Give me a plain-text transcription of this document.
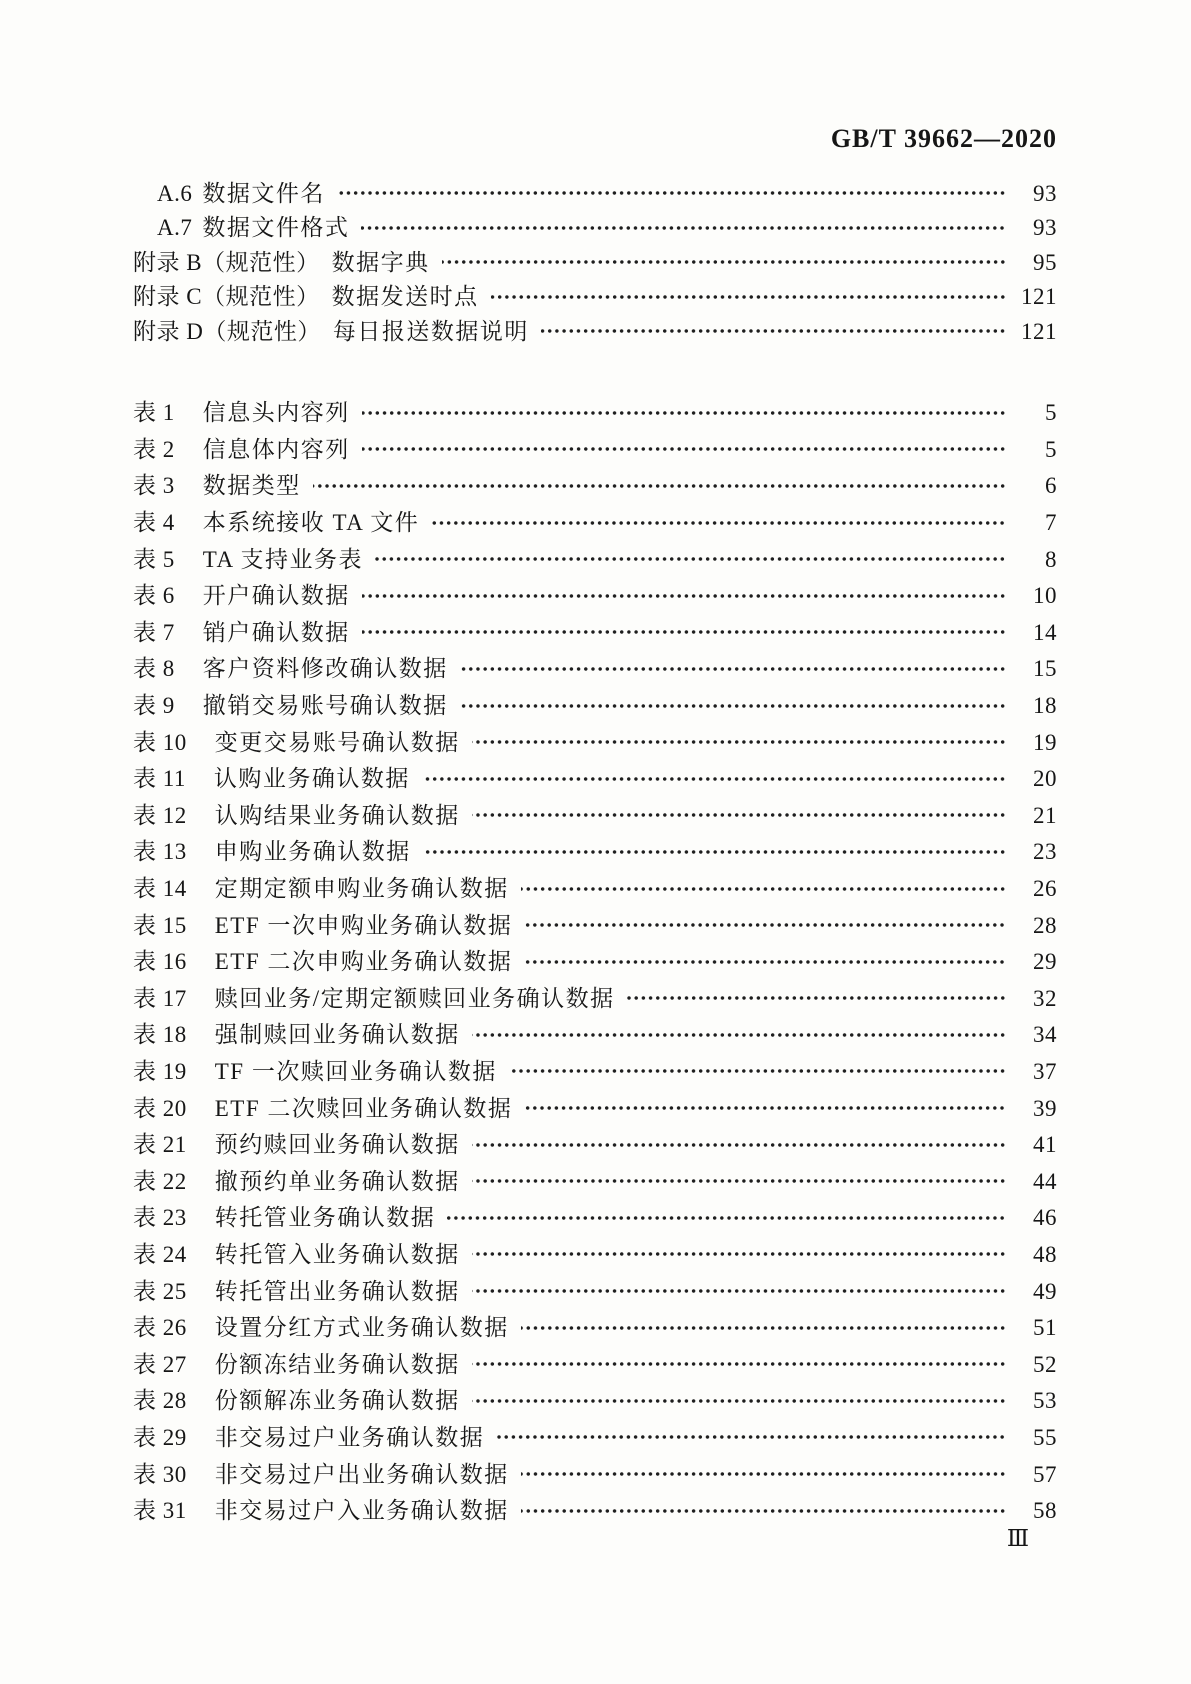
GB/T 39662—2020
A.6 数据文件名	93
A.7 数据文件格式	93
附录 B（规范性） 数据字典	95
附录 C（规范性） 数据发送时点	121
附录 D（规范性） 每日报送数据说明	121
表 1 信息头内容列	5
表 2 信息体内容列	5
表 3 数据类型	6
表 4 本系统接收 TA 文件	7
表 5 TA 支持业务表	8
表 6 开户确认数据	10
表 7 销户确认数据	14
表 8 客户资料修改确认数据	15
表 9 撤销交易账号确认数据	18
表 10 变更交易账号确认数据	19
表 11 认购业务确认数据	20
表 12 认购结果业务确认数据	21
表 13 申购业务确认数据	23
表 14 定期定额申购业务确认数据	26
表 15 ETF 一次申购业务确认数据	28
表 16 ETF 二次申购业务确认数据	29
表 17 赎回业务/定期定额赎回业务确认数据	32
表 18 强制赎回业务确认数据	34
表 19 TF 一次赎回业务确认数据	37
表 20 ETF 二次赎回业务确认数据	39
表 21 预约赎回业务确认数据	41
表 22 撤预约单业务确认数据	44
表 23 转托管业务确认数据	46
表 24 转托管入业务确认数据	48
表 25 转托管出业务确认数据	49
表 26 设置分红方式业务确认数据	51
表 27 份额冻结业务确认数据	52
表 28 份额解冻业务确认数据	53
表 29 非交易过户业务确认数据	55
表 30 非交易过户出业务确认数据	57
表 31 非交易过户入业务确认数据	58
Ⅲ
